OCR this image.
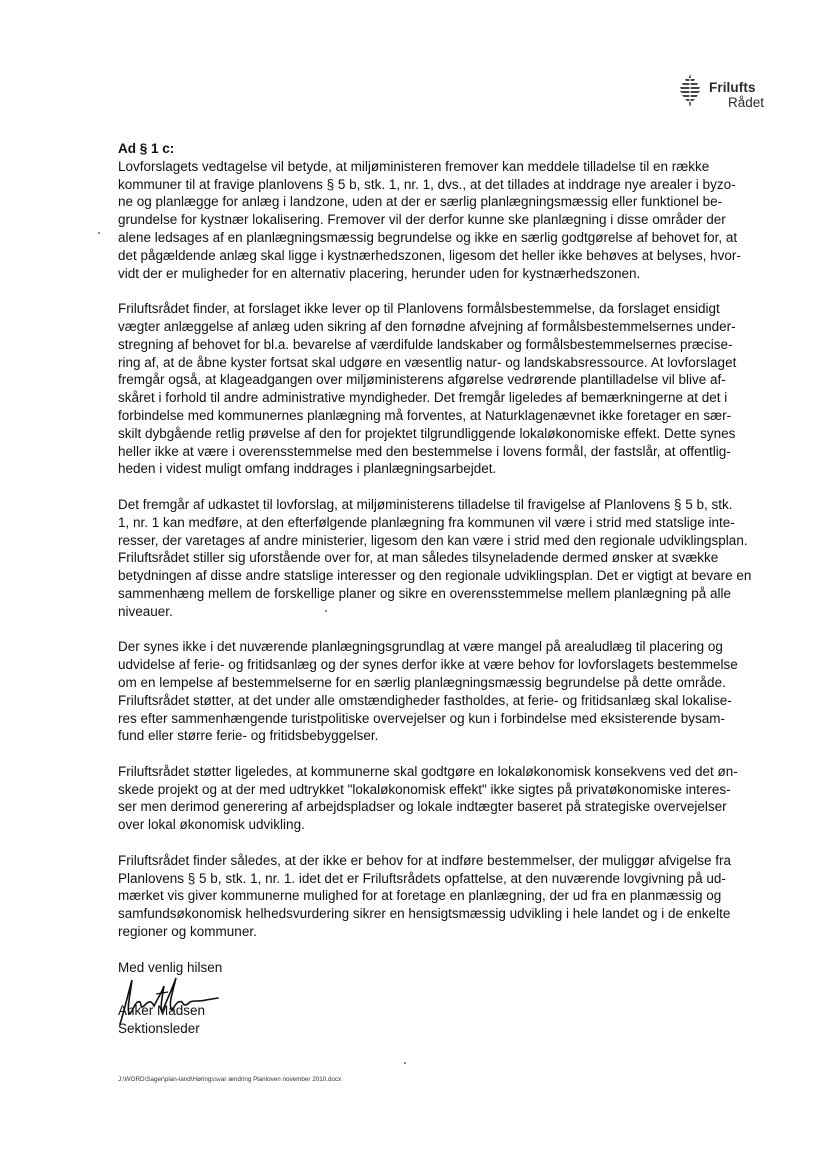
Frilufts
Rådet
Ad § 1 c:

Lovforslagets vedtagelse vil betyde, at miljøministeren fremover kan meddele tilladelse til en række
kommuner til at fravige planlovens § 5 b, stk. 1, nr. 1, dvs., at det tillades at inddrage nye arealer i byzo-
ne og planlægge for anlæg i landzone, uden at der er særlig planlægningsmæssig eller funktionel be-
grundelse for kystnær lokalisering. Fremover vil der derfor kunne ske planlægning i disse områder der
alene ledsages af en planlægningsmæssig begrundelse og ikke en særlig godtgørelse af behovet for, at
det pågældende anlæg skal ligge i kystnærhedszonen, ligesom det heller ikke behøves at belyses, hvor-
vidt der er muligheder for en alternativ placering, herunder uden for kystnærhedszonen.

Friluftsrådet finder, at forslaget ikke lever op til Planlovens formålsbestemmelse, da forslaget ensidigt
vægter anlæggelse af anlæg uden sikring af den fornødne afvejning af formålsbestemmelsernes under-
stregning af behovet for bl.a. bevarelse af værdifulde landskaber og formålsbestemmelsernes præcise-
ring af, at de åbne kyster fortsat skal udgøre en væsentlig natur- og landskabsressource. At lovforslaget
fremgår også, at klageadgangen over miljøministerens afgørelse vedrørende plantilladelse vil blive af-
skåret i forhold til andre administrative myndigheder. Det fremgår ligeledes af bemærkningerne at det i
forbindelse med kommunernes planlægning må forventes, at Naturklagenævnet ikke foretager en sær-
skilt dybgående retlig prøvelse af den for projektet tilgrundliggende lokaløkonomiske effekt. Dette synes
heller ikke at være i overensstemmelse med den bestemmelse i lovens formål, der fastslår, at offentlig-
heden i videst muligt omfang inddrages i planlægningsarbejdet.

Det fremgår af udkastet til lovforslag, at miljøministerens tilladelse til fravigelse af Planlovens § 5 b, stk.
1, nr. 1 kan medføre, at den efterfølgende planlægning fra kommunen vil være i strid med statslige inte-
resser, der varetages af andre ministerier, ligesom den kan være i strid med den regionale udviklingsplan.
Friluftsrådet stiller sig uforstående over for, at man således tilsyneladende dermed ønsker at svække
betydningen af disse andre statslige interesser og den regionale udviklingsplan. Det er vigtigt at bevare en
sammenhæng mellem de forskellige planer og sikre en overensstemmelse mellem planlægning på alle
niveauer.

Der synes ikke i det nuværende planlægningsgrundlag at være mangel på arealudlæg til placering og
udvidelse af ferie- og fritidsanlæg og der synes derfor ikke at være behov for lovforslagets bestemmelse
om en lempelse af bestemmelserne for en særlig planlægningsmæssig begrundelse på dette område.
Friluftsrådet støtter, at det under alle omstændigheder fastholdes, at ferie- og fritidsanlæg skal lokalise-
res efter sammenhængende turistpolitiske overvejelser og kun i forbindelse med eksisterende bysam-
fund eller større ferie- og fritidsbebyggelser.

Friluftsrådet støtter ligeledes, at kommunerne skal godtgøre en lokaløkonomisk konsekvens ved det øn-
skede projekt og at der med udtrykket "lokaløkonomisk effekt" ikke sigtes på privatøkonomiske interes-
ser men derimod generering af arbejdspladser og lokale indtægter baseret på strategiske overvejelser
over lokal økonomisk udvikling.

Friluftsrådet finder således, at der ikke er behov for at indføre bestemmelser, der muliggør afvigelse fra
Planlovens § 5 b, stk. 1, nr. 1. idet det er Friluftsrådets opfattelse, at den nuværende lovgivning på ud-
mærket vis giver kommunerne mulighed for at foretage en planlægning, der ud fra en planmæssig og
samfundsøkonomisk helhedsvurdering sikrer en hensigtsmæssig udvikling i hele landet og i de enkelte
regioner og kommuner.

Med venlig hilsen
Anker Madsen
Sektionsleder
J:\WORD\Sager\plan-land\Høringssvar ændring Planloven november 2010.docx
